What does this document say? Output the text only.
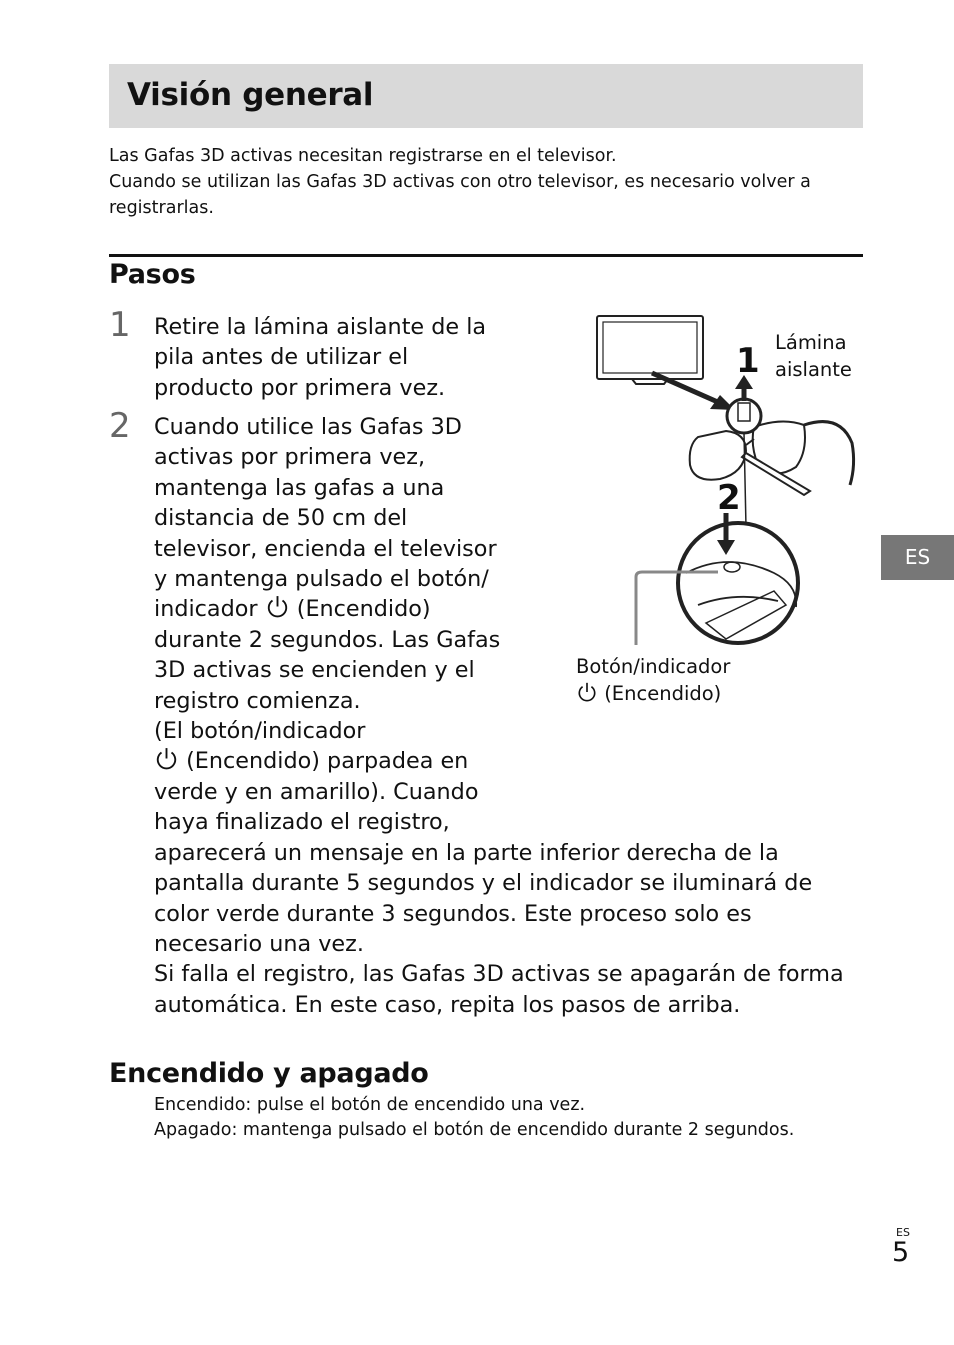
Visión general

Las Gafas 3D activas necesitan registrarse en el televisor.

Cuando se utilizan las Gafas 3D activas con otro televisor, es necesario volver a

registrarlas.

Pasos
1 Retire la lámina aislante de la
pila antes de utilizar el
producto por primera vez.

2 Cuando utilice las Gafas 3D
activas por primera vez,
mantenga las gafas a una
distancia de 50 cm del
televisor, encienda el televisor
y mantenga pulsado el botón/
indicador
(Encendido)
durante 2 segundos. Las Gafas
3D activas se encienden y el
registro comienza.
(El botón/indicador
(Encendido) parpadea en
verde y en amarillo). Cuando
haya finalizado el registro,
aparecerá un mensaje en la parte inferior derecha de la
pantalla durante 5 segundos y el indicador se iluminará de
color verde durante 3 segundos. Este proceso solo es
necesario una vez.
Si falla el registro, las Gafas 3D activas se apagarán de forma
automática. En este caso, repita los pasos de arriba.

1
2
Lámina
aislante
Botón/indicador
(Encendido)
Encendido y apagado
Encendido: pulse el botón de encendido una vez.
Apagado: mantenga pulsado el botón de encendido durante 2 segundos.
ES
ES
5
